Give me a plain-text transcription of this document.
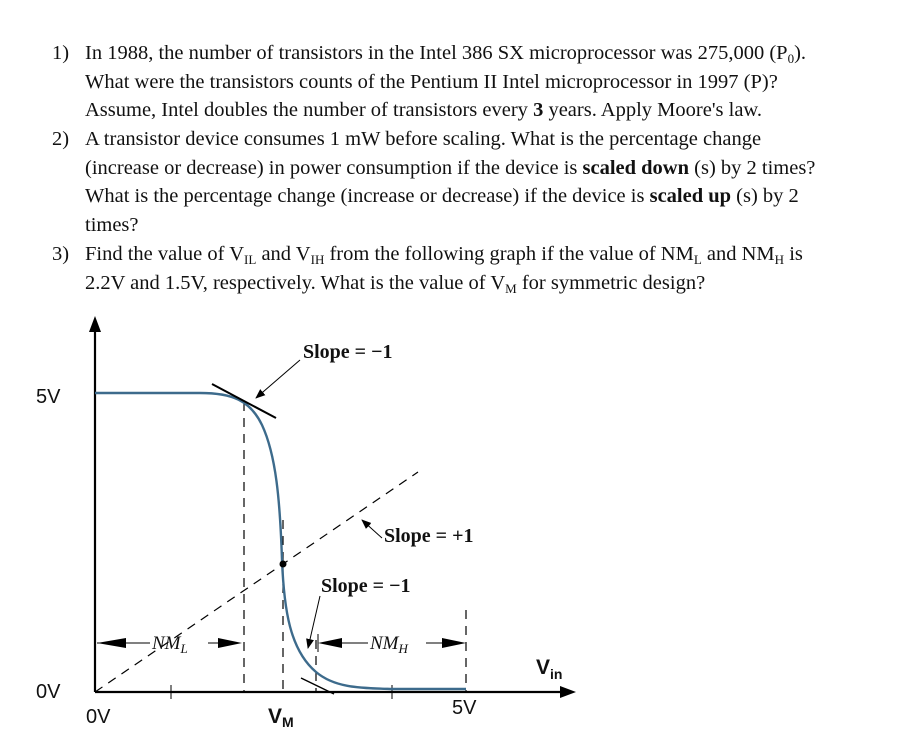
1) In 1988, the number of transistors in the Intel 386 SX microprocessor was 275,000 $(P_0)$.
What were the transistors counts of the Pentium II Intel microprocessor in 1997 (P)?
Assume, Intel doubles the number of transistors every 3 years. Apply Moore's law.
2) A transistor device consumes 1 mW before scaling. What is the percentage change
(increase or decrease) in power consumption if the device is scaled down (s) by 2 times?
What is the percentage change (increase or decrease) if the device is scaled up (s) by 2
times?
3) Find the value of $V_{IL}$ and $V_{IH}$ from the following graph if the value of $NM_L$ and $NM_H$ is
2.2V and 1.5V, respectively. What is the value of $V_M$ for symmetric design?
Slope = −1
Slope = +1
Slope = −1
$NM_L$	$NM_H$
5V
0V
0V	5V
VM
$V_{in}$
